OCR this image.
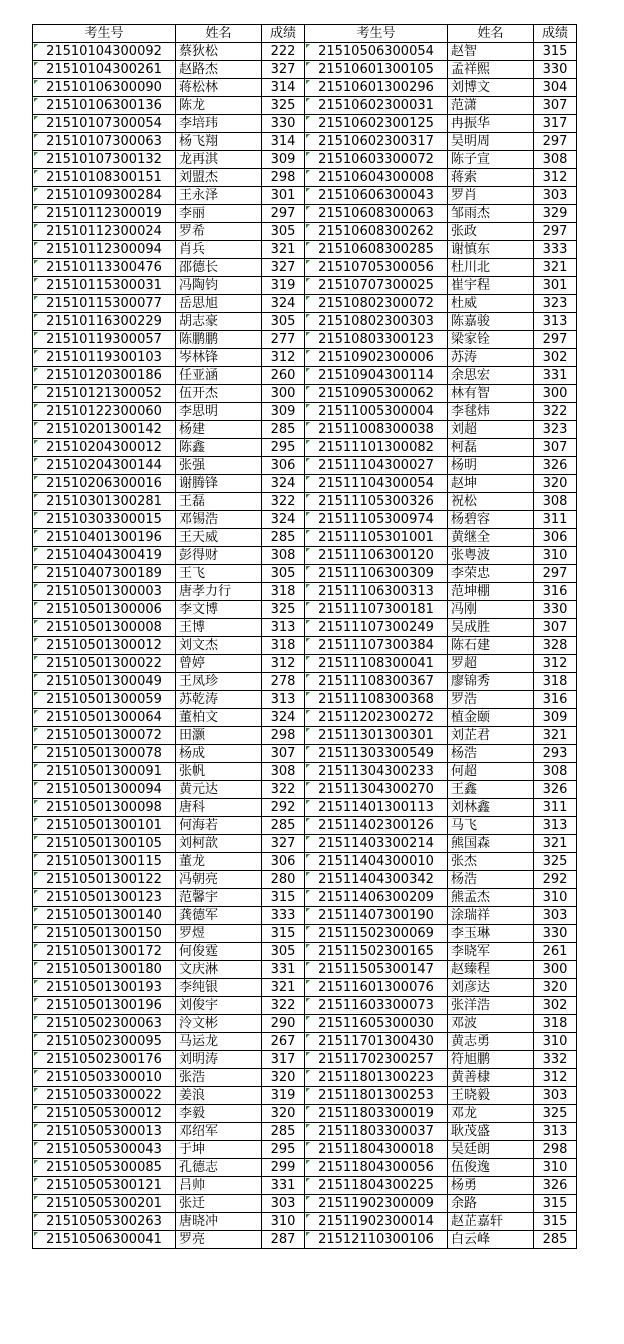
考生号	姓名	成绩	考生号	姓名	成绩
21510104300092	蔡狄松	222	21510506300054	赵智	315
21510104300261	赵路杰	327	21510601300105	孟祥熙	330
21510106300090	蒋松林	314	21510601300296	刘博文	304
21510106300136	陈龙	325	21510602300031	范潇	307
21510107300054	李培玮	330	21510602300125	冉振华	317
21510107300063	杨飞翔	314	21510602300317	吴明周	297
21510107300132	龙再淇	309	21510603300072	陈子宣	308
21510108300151	刘盟杰	298	21510604300008	蒋索	312
21510109300284	王永泽	301	21510606300043	罗肖	303
21510112300019	李丽	297	21510608300063	邹雨杰	329
21510112300024	罗希	305	21510608300262	张政	297
21510112300094	肖兵	321	21510608300285	谢慎东	333
21510113300476	邵德长	327	21510705300056	杜川北	321
21510115300031	冯陶钧	319	21510707300025	崔宇程	301
21510115300077	岳思旭	324	21510802300072	杜威	323
21510116300229	胡志豪	305	21510802300303	陈嘉骏	313
21510119300057	陈鹏鹏	277	21510803300123	梁家铨	297
21510119300103	岑林锋	312	21510902300006	苏涛	302
21510120300186	任亚涵	260	21510904300114	余思宏	331
21510121300052	伍开杰	300	21510905300062	林有智	300
21510122300060	李思明	309	21511005300004	李毬炜	322
21510201300142	杨建	285	21511008300038	刘超	323
21510204300012	陈鑫	295	21511101300082	柯磊	307
21510204300144	张强	306	21511104300027	杨明	326
21510206300016	谢腾锋	324	21511104300054	赵坤	320
21510301300281	王磊	322	21511105300326	祝松	308
21510303300015	邓锡浩	324	21511105300974	杨碧容	311
21510401300196	王天威	285	21511105301001	黄继全	306
21510404300419	彭得财	308	21511106300120	张粤波	310
21510407300189	王飞	305	21511106300309	李荣忠	297
21510501300003	唐孝力行	318	21511106300313	范坤棚	316
21510501300006	李文博	325	21511107300181	冯刚	330
21510501300008	王博	313	21511107300249	吴成胜	307
21510501300012	刘文杰	318	21511107300384	陈石建	328
21510501300022	曾婷	312	21511108300041	罗超	312
21510501300049	王凤珍	278	21511108300367	廖锦秀	318
21510501300059	苏乾涛	313	21511108300368	罗浩	316
21510501300064	董柏文	324	21511202300272	植金颐	309
21510501300072	田灏	298	21511301300301	刘芷君	321
21510501300078	杨成	307	21511303300549	杨浩	293
21510501300091	张帆	308	21511304300233	何超	308
21510501300094	黄元达	322	21511304300270	王鑫	326
21510501300098	唐科	292	21511401300113	刘林鑫	311
21510501300101	何海若	285	21511402300126	马飞	313
21510501300105	刘柯歆	327	21511403300214	熊国森	321
21510501300115	董龙	306	21511404300010	张杰	325
21510501300122	冯朝亮	280	21511404300342	杨浩	292
21510501300123	范馨宇	315	21511406300209	熊孟杰	310
21510501300140	龚德军	333	21511407300190	涂瑞祥	303
21510501300150	罗煜	315	21511502300069	李玉琳	330
21510501300172	何俊霆	305	21511502300165	李晓军	261
21510501300180	文庆淋	331	21511505300147	赵臻程	300
21510501300193	李纯银	321	21511601300076	刘彦达	320
21510501300196	刘俊宇	322	21511603300073	张洋浩	302
21510502300063	泠文彬	290	21511605300030	邓波	318
21510502300095	马运龙	267	21511701300430	黄志勇	310
21510502300176	刘明涛	317	21511702300257	符旭鹏	332
21510503300010	张浩	320	21511801300223	黄善棣	312
21510503300022	姜浪	319	21511801300253	王晓毅	303
21510505300012	李毅	320	21511803300019	邓龙	325
21510505300013	邓绍军	285	21511803300037	耿茂盛	313
21510505300043	于坤	295	21511804300018	吴廷朗	298
21510505300085	孔德志	299	21511804300056	伍俊逸	310
21510505300121	吕帅	331	21511804300225	杨勇	326
21510505300201	张迁	303	21511902300009	余路	315
21510505300263	唐晓冲	310	21511902300014	赵芷嘉轩	315
21510506300041	罗亮	287	21512110300106	白云峰	285
